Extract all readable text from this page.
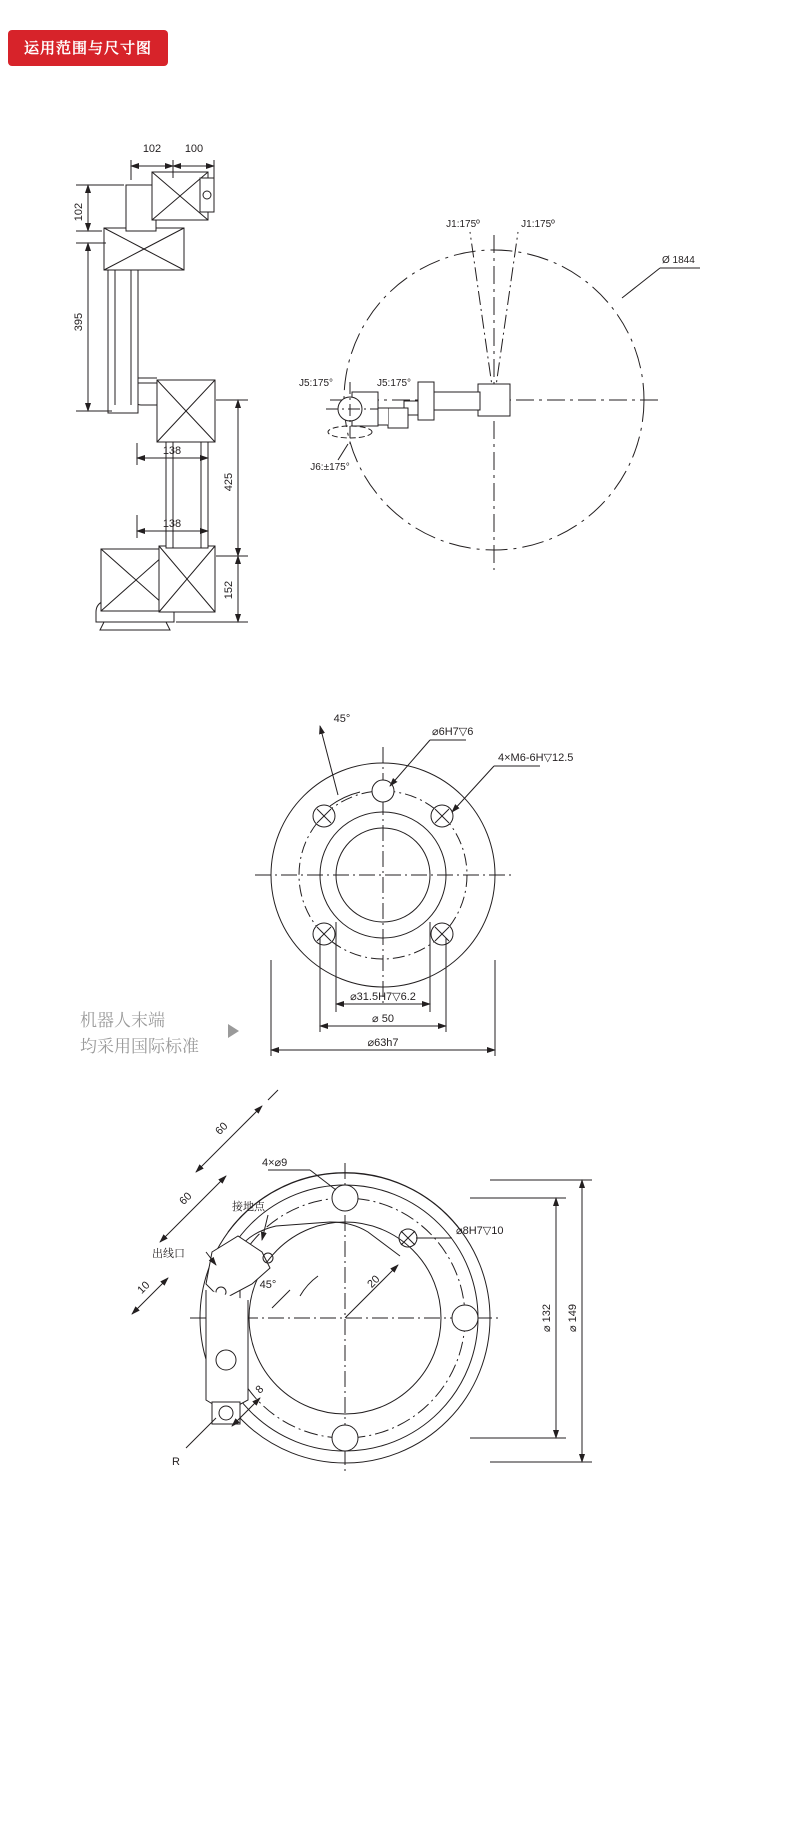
运用范围与尺寸图
102 100
102
395
138
138
425
152
J1:175º	J1:175º
Ø 1844
J5:175°	J5:175°
J6:±175°
45°
⌀6H7▽6
4×M6-6H▽12.5
⌀31.5H7▽6.2
⌀ 50
⌀63h7
60
60
10
8
R
接地点
出线口
4×⌀9
⌀8H7▽10
20
45°
⌀ 132 ⌀ 149
机器人末端
均采用国际标准
